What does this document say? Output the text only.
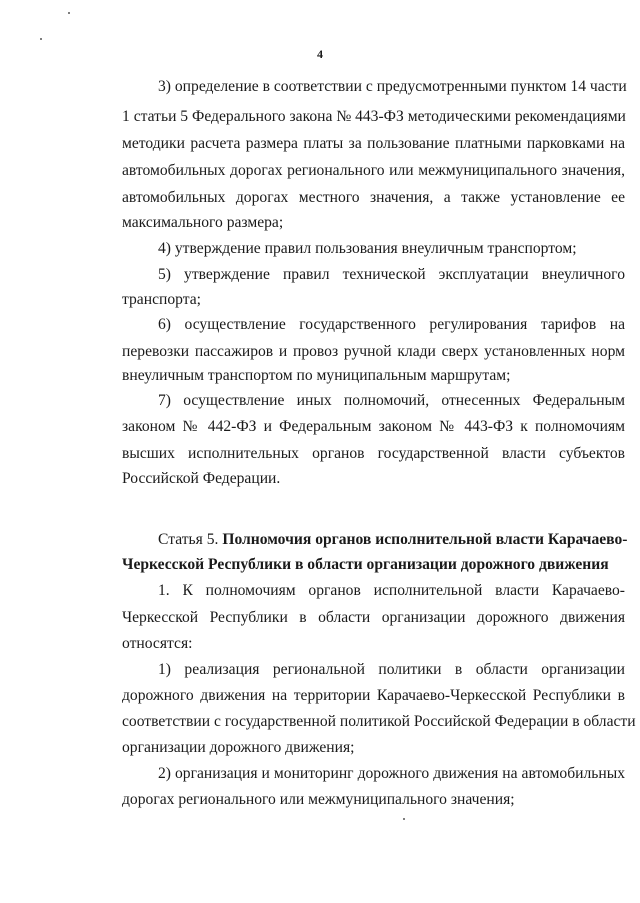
4
3) определение в соответствии с предусмотренными пунктом 14 части
1 статьи 5 Федерального закона № 443-ФЗ методическими рекомендациями
методики расчета размера платы за пользование платными парковками на
автомобильных дорогах регионального или межмуниципального значения,
автомобильных дорогах местного значения, а также установление ее
максимального размера;
4) утверждение правил пользования внеуличным транспортом;
5) утверждение правил технической эксплуатации внеуличного
транспорта;
6) осуществление государственного регулирования тарифов на
перевозки пассажиров и провоз ручной клади сверх установленных норм
внеуличным транспортом по муниципальным маршрутам;
7) осуществление иных полномочий, отнесенных Федеральным
законом № 442-ФЗ и Федеральным законом № 443-ФЗ к полномочиям
высших исполнительных органов государственной власти субъектов
Российской Федерации.
Статья 5. Полномочия органов исполнительной власти Карачаево-
Черкесской Республики в области организации дорожного движения
1. К полномочиям органов исполнительной власти Карачаево-
Черкесской Республики в области организации дорожного движения
относятся:
1) реализация региональной политики в области организации
дорожного движения на территории Карачаево-Черкесской Республики в
соответствии с государственной политикой Российской Федерации в области
организации дорожного движения;
2) организация и мониторинг дорожного движения на автомобильных
дорогах регионального или межмуниципального значения;
